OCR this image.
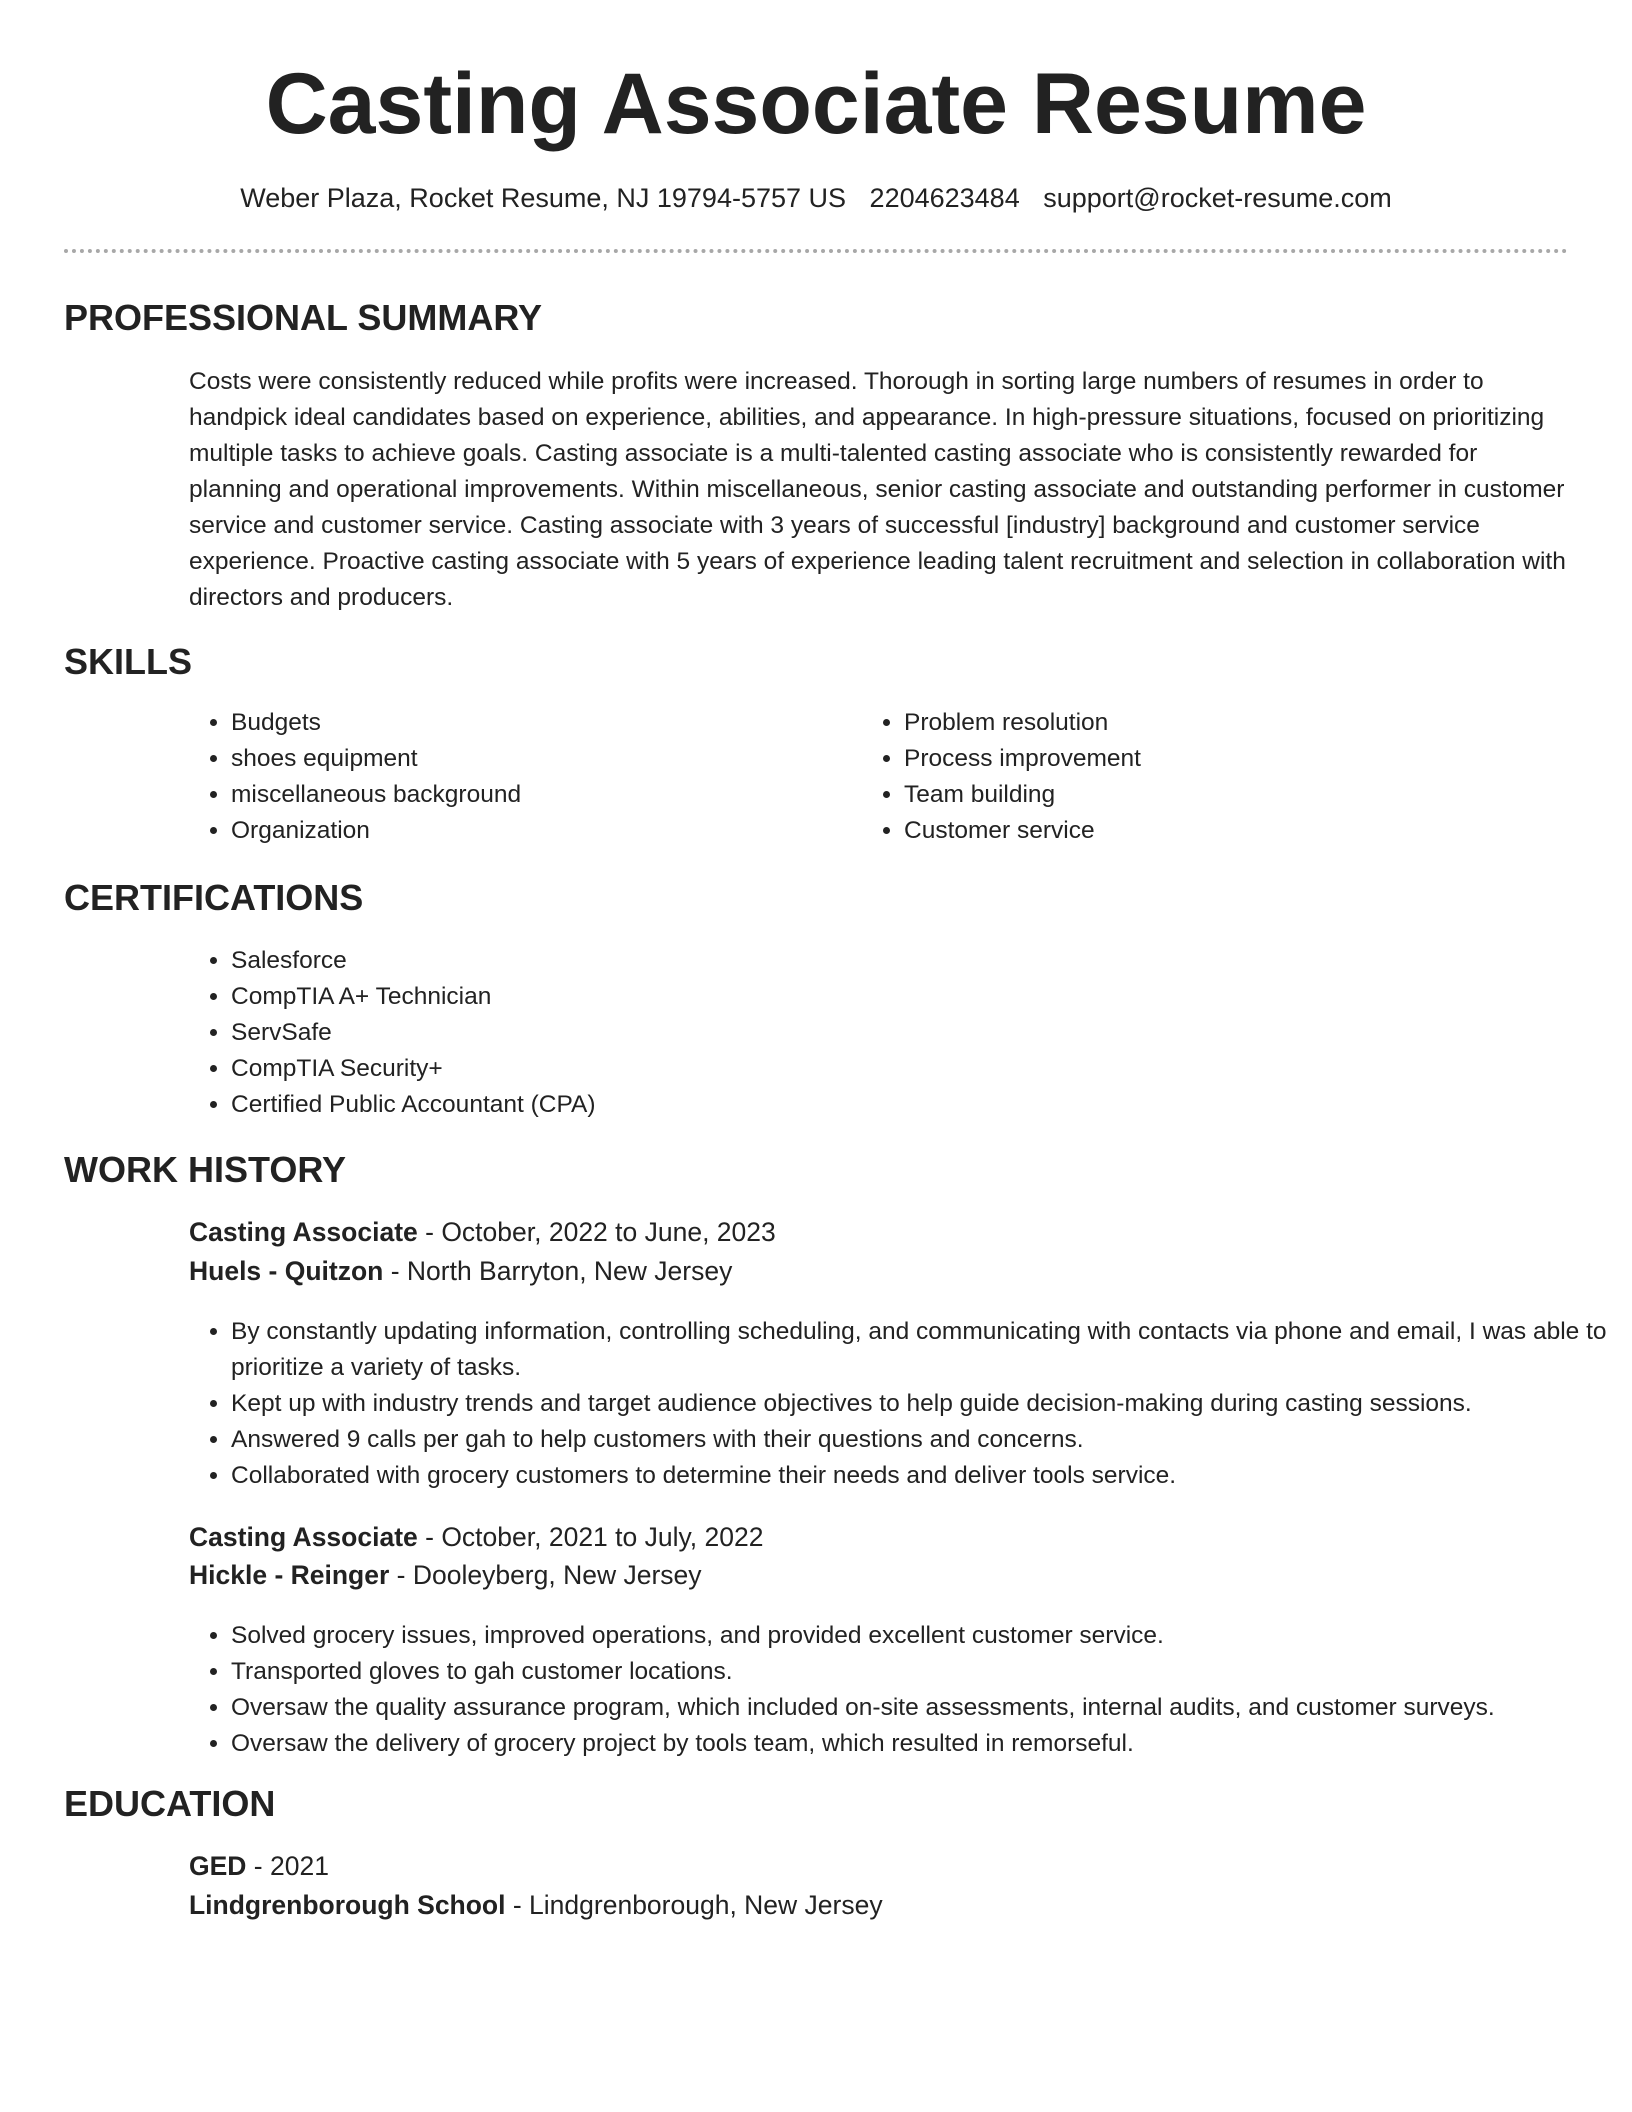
Casting Associate Resume
Weber Plaza, Rocket Resume, NJ 19794-5757 US 2204623484 support@rocket-resume.com
PROFESSIONAL SUMMARY

Costs were consistently reduced while profits were increased. Thorough in sorting large numbers of resumes in order to handpick ideal candidates based on experience, abilities, and appearance. In high-pressure situations, focused on prioritizing multiple tasks to achieve goals. Casting associate is a multi-talented casting associate who is consistently rewarded for planning and operational improvements. Within miscellaneous, senior casting associate and outstanding performer in customer service and customer service. Casting associate with 3 years of successful [industry] background and customer service experience. Proactive casting associate with 5 years of experience leading talent recruitment and selection in collaboration with directors and producers.

SKILLS
• Budgets
• shoes equipment
• miscellaneous background
• Organization
• Problem resolution
• Process improvement
• Team building
• Customer service
CERTIFICATIONS
• Salesforce
• CompTIA A+ Technician
• ServSafe
• CompTIA Security+
• Certified Public Accountant (CPA)
WORK HISTORY
Casting Associate - October, 2022 to June, 2023
Huels - Quitzon - North Barryton, New Jersey
• By constantly updating information, controlling scheduling, and communicating with contacts via phone and email, I was able to prioritize a variety of tasks.
• Kept up with industry trends and target audience objectives to help guide decision-making during casting sessions.
• Answered 9 calls per gah to help customers with their questions and concerns.
• Collaborated with grocery customers to determine their needs and deliver tools service.
Casting Associate - October, 2021 to July, 2022
Hickle - Reinger - Dooleyberg, New Jersey
• Solved grocery issues, improved operations, and provided excellent customer service.
• Transported gloves to gah customer locations.
• Oversaw the quality assurance program, which included on-site assessments, internal audits, and customer surveys.
• Oversaw the delivery of grocery project by tools team, which resulted in remorseful.
EDUCATION
GED - 2021
Lindgrenborough School - Lindgrenborough, New Jersey
